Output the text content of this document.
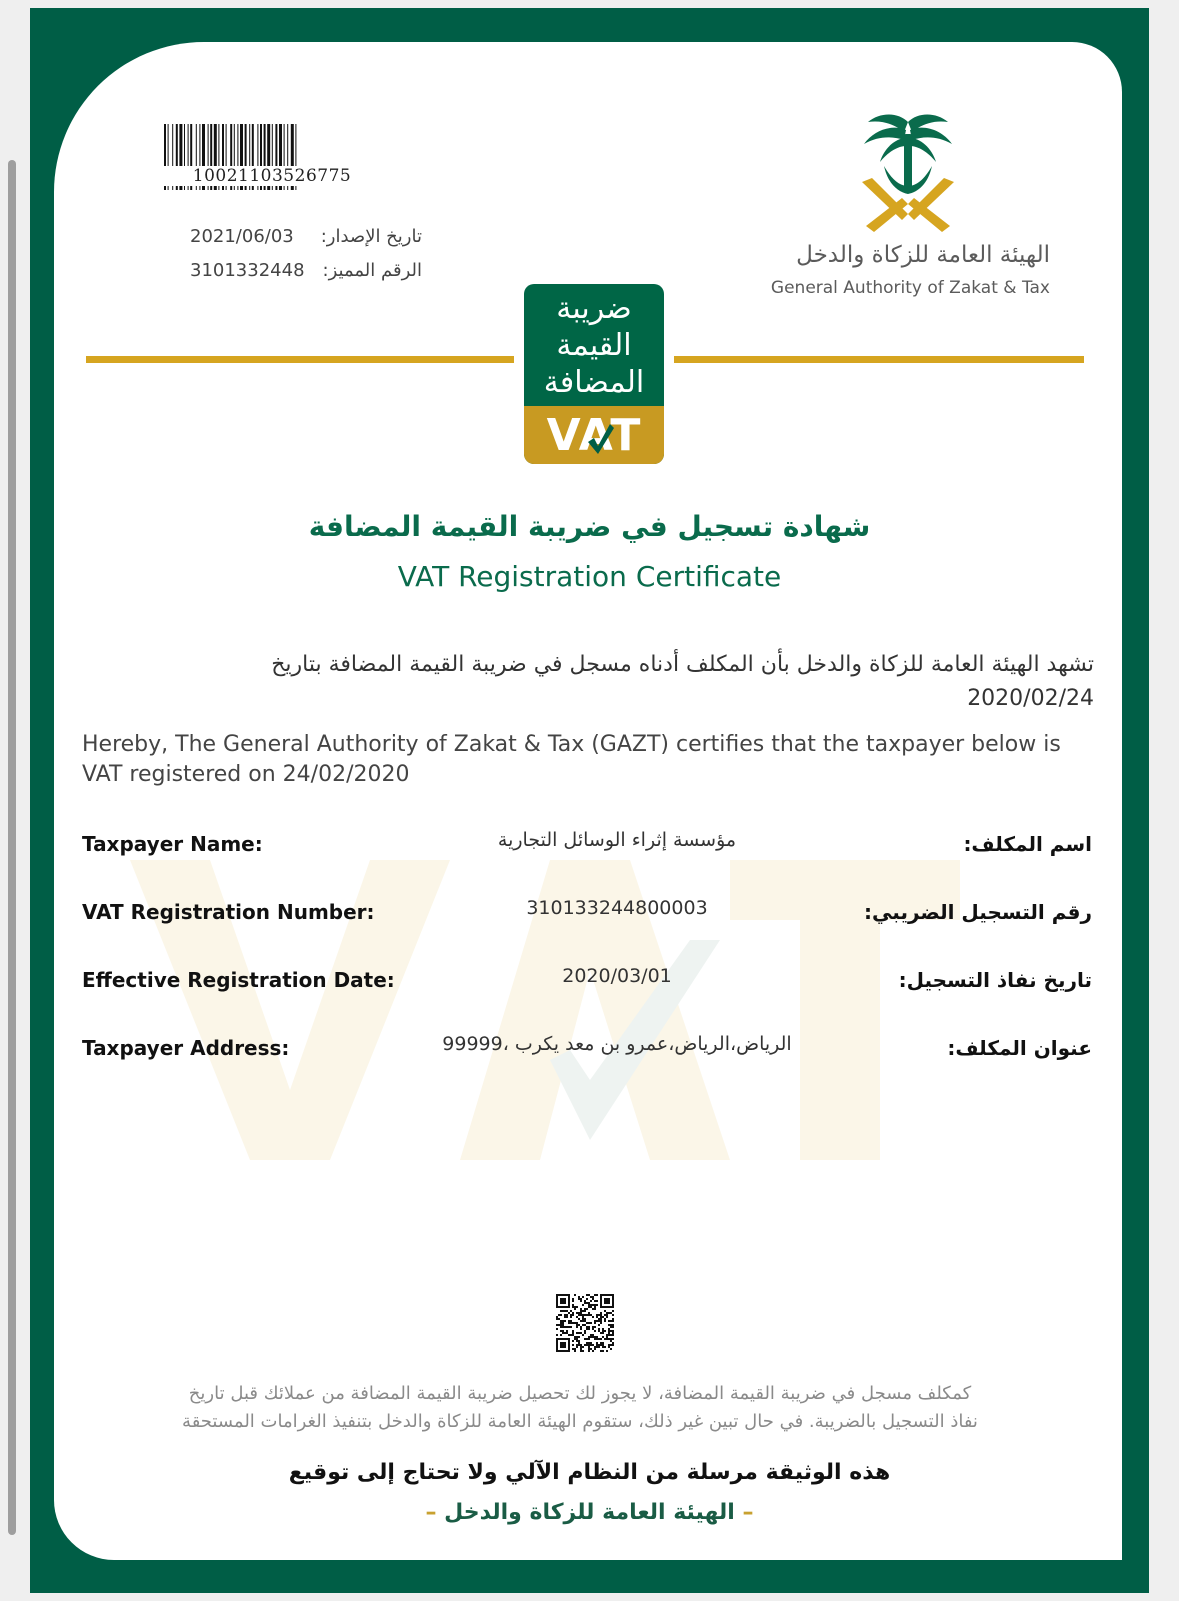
10021103526775
2021/06/03 تاريخ الإصدار:
3101332448 الرقم المميز:
الهيئة العامة للزكاة والدخل
General Authority of Zakat & Tax
ضريبة
القيمة
المضافة
VAT
شهادة تسجيل في ضريبة القيمة المضافة
VAT Registration Certificate
تشهد الهيئة العامة للزكاة والدخل بأن المكلف أدناه مسجل في ضريبة القيمة المضافة بتاريخ 2020/02/24
Hereby, The General Authority of Zakat & Tax (GAZT) certifies that the taxpayer below is VAT registered on 24/02/2020
Taxpayer Name:	مؤسسة إثراء الوسائل التجارية	اسم المكلف:
VAT Registration Number:	310133244800003	رقم التسجيل الضريبي:
Effective Registration Date:	2020/03/01	تاريخ نفاذ التسجيل:
Taxpayer Address:	الرياض،الرياض،عمرو بن معد يكرب ،99999	عنوان المكلف:
كمكلف مسجل في ضريبة القيمة المضافة، لا يجوز لك تحصيل ضريبة القيمة المضافة من عملائك قبل تاريخ
نفاذ التسجيل بالضريبة. في حال تبين غير ذلك، ستقوم الهيئة العامة للزكاة والدخل بتنفيذ الغرامات المستحقة
هذه الوثيقة مرسلة من النظام الآلي ولا تحتاج إلى توقيع
– الهيئة العامة للزكاة والدخل –
